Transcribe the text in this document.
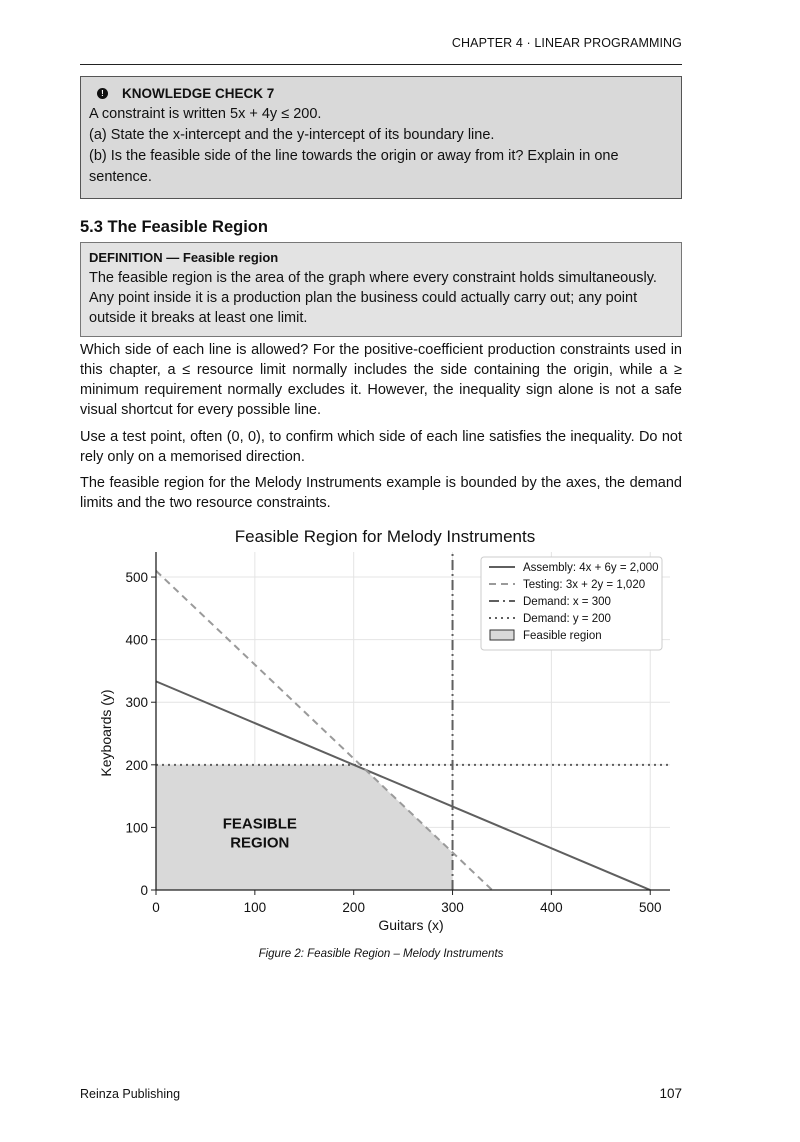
CHAPTER 4 · LINEAR PROGRAMMING
!	KNOWLEDGE CHECK 7
A constraint is written 5x + 4y ≤ 200.
(a) State the x-intercept and the y-intercept of its boundary line.
(b) Is the feasible side of the line towards the origin or away from it? Explain in one sentence.
5.3 The Feasible Region
DEFINITION — Feasible region
The feasible region is the area of the graph where every constraint holds simultaneously. Any point inside it is a production plan the business could actually carry out; any point outside it breaks at least one limit.

Which side of each line is allowed? For the positive-coefficient production constraints used in this chapter, a ≤ resource limit normally includes the side containing the origin, while a ≥ minimum requirement normally excludes it. However, the inequality sign alone is not a safe visual shortcut for every possible line.

Use a test point, often (0, 0), to confirm which side of each line satisfies the inequality. Do not rely only on a memorised direction.

The feasible region for the Melody Instruments example is bounded by the axes, the demand limits and the two resource constraints.

0	100	200	300	400	500
0
100
200
300
400
500
Feasible Region for Melody Instruments
Guitars (x)
Keyboards (y)
FEASIBLE
REGION
Assembly: 4x + 6y = 2,000
Testing: 3x + 2y = 1,020
Demand: x = 300
Demand: y = 200
Feasible region
Figure 2: Feasible Region – Melody Instruments
Reinza Publishing	107
